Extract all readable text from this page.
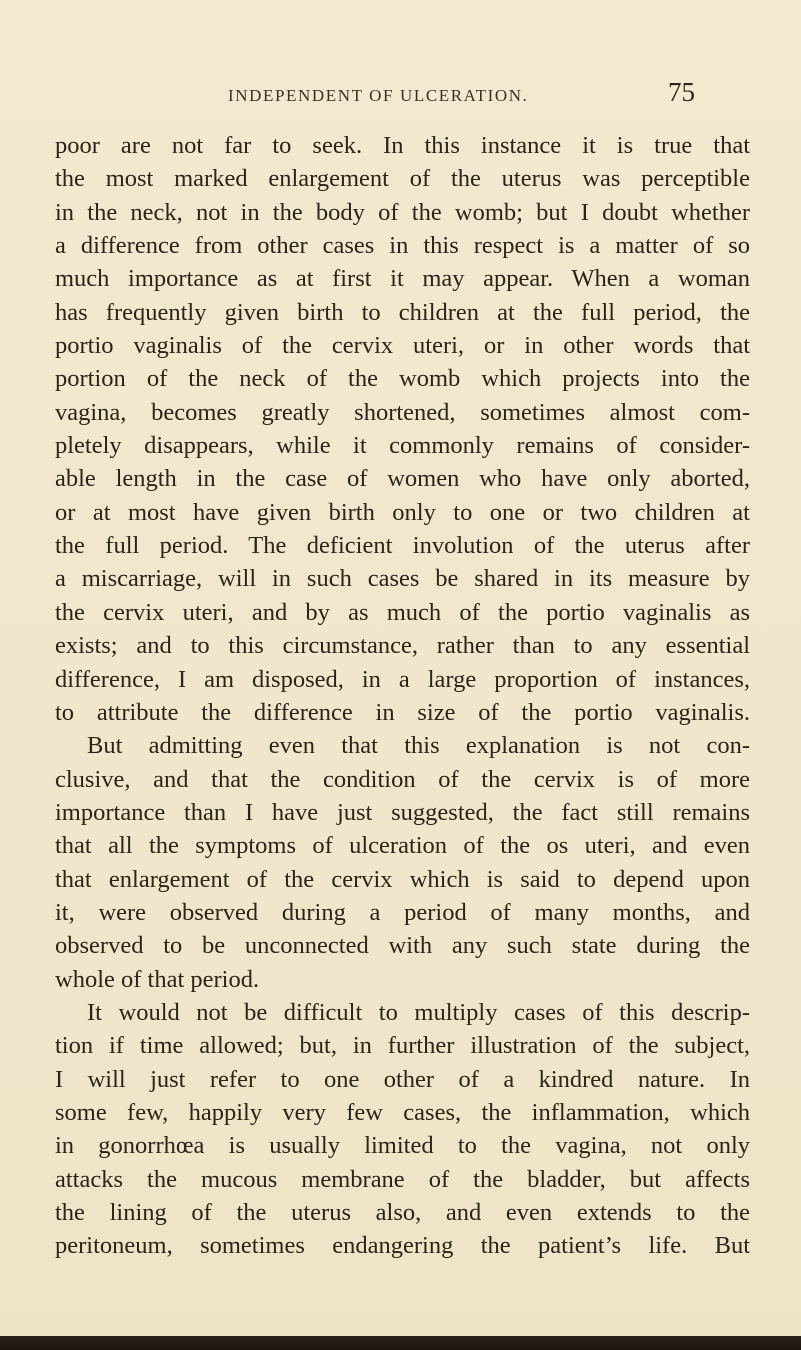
INDEPENDENT OF ULCERATION.	75
poor are not far to seek. In this instance it is true that
the most marked enlargement of the uterus was perceptible
in the neck, not in the body of the womb; but I doubt whether
a difference from other cases in this respect is a matter of so
much importance as at first it may appear. When a woman
has frequently given birth to children at the full period, the
portio vaginalis of the cervix uteri, or in other words that
portion of the neck of the womb which projects into the
vagina, becomes greatly shortened, sometimes almost com-
pletely disappears, while it commonly remains of consider-
able length in the case of women who have only aborted,
or at most have given birth only to one or two children at
the full period. The deficient involution of the uterus after
a miscarriage, will in such cases be shared in its measure by
the cervix uteri, and by as much of the portio vaginalis as
exists; and to this circumstance, rather than to any essential
difference, I am disposed, in a large proportion of instances,
to attribute the difference in size of the portio vaginalis.
But admitting even that this explanation is not con-
clusive, and that the condition of the cervix is of more
importance than I have just suggested, the fact still remains
that all the symptoms of ulceration of the os uteri, and even
that enlargement of the cervix which is said to depend upon
it, were observed during a period of many months, and
observed to be unconnected with any such state during the
whole of that period.
It would not be difficult to multiply cases of this descrip-
tion if time allowed; but, in further illustration of the subject,
I will just refer to one other of a kindred nature. In
some few, happily very few cases, the inflammation, which
in gonorrhœa is usually limited to the vagina, not only
attacks the mucous membrane of the bladder, but affects
the lining of the uterus also, and even extends to the
peritoneum, sometimes endangering the patient’s life. But
